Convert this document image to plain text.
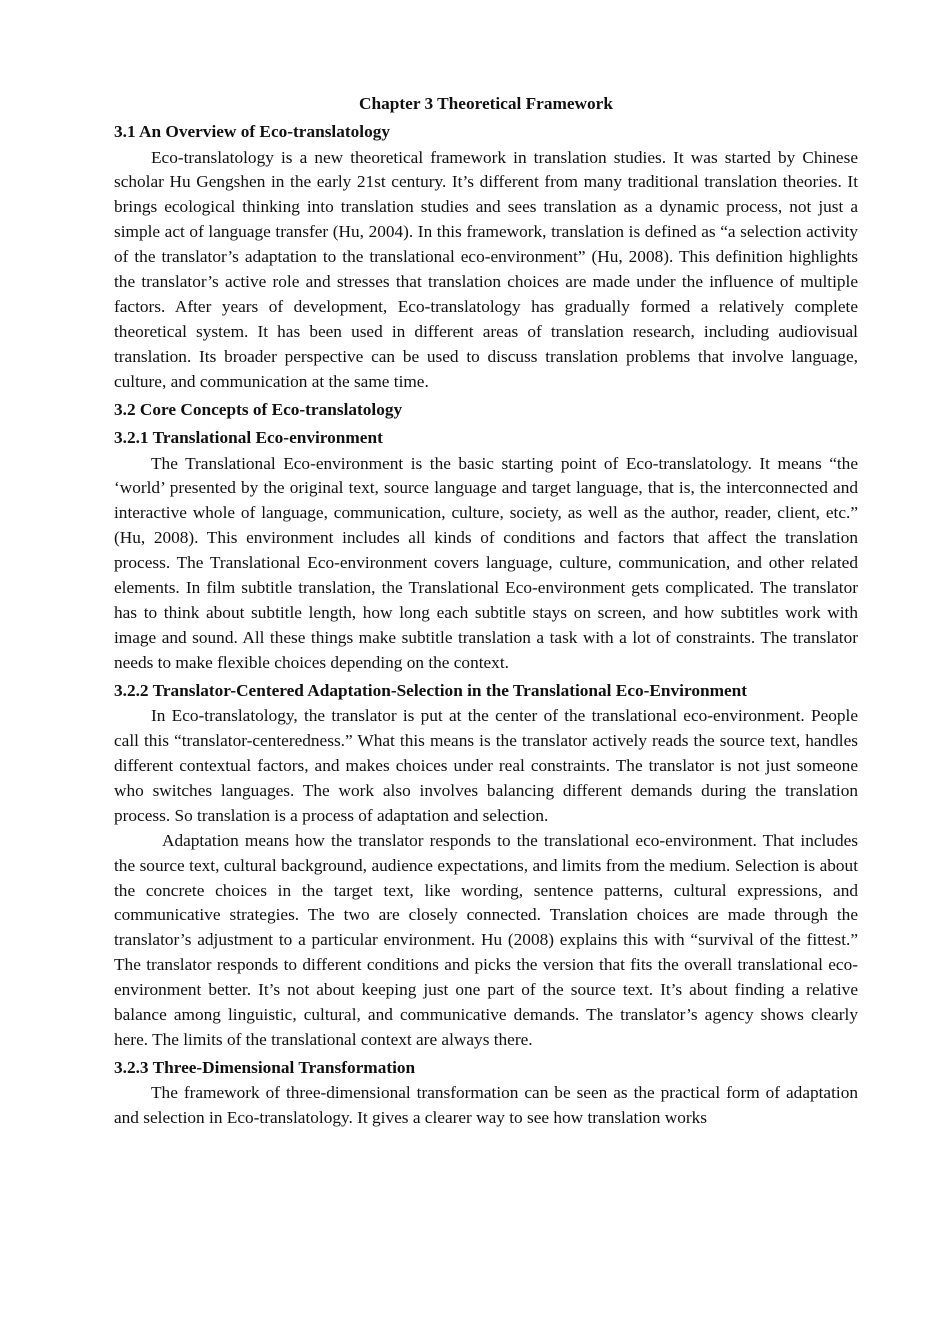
Chapter 3 Theoretical Framework
3.1 An Overview of Eco-translatology

Eco-translatology is a new theoretical framework in translation studies. It was started by Chinese scholar Hu Gengshen in the early 21st century. It’s different from many traditional translation theories. It brings ecological thinking into translation studies and sees translation as a dynamic process, not just a simple act of language transfer (Hu, 2004). In this framework, translation is defined as “a selection activity of the translator’s adaptation to the translational eco-environment” (Hu, 2008). This definition highlights the translator’s active role and stresses that translation choices are made under the influence of multiple factors. After years of development, Eco-translatology has gradually formed a relatively complete theoretical system. It has been used in different areas of translation research, including audiovisual translation. Its broader perspective can be used to discuss translation problems that involve language, culture, and communication at the same time.

3.2 Core Concepts of Eco-translatology
3.2.1 Translational Eco-environment

The Translational Eco-environment is the basic starting point of Eco-translatology. It means “the ‘world’ presented by the original text, source language and target language, that is, the interconnected and interactive whole of language, communication, culture, society, as well as the author, reader, client, etc.” (Hu, 2008). This environment includes all kinds of conditions and factors that affect the translation process. The Translational Eco-environment covers language, culture, communication, and other related elements. In film subtitle translation, the Translational Eco-environment gets complicated. The translator has to think about subtitle length, how long each subtitle stays on screen, and how subtitles work with image and sound. All these things make subtitle translation a task with a lot of constraints. The translator needs to make flexible choices depending on the context.

3.2.2 Translator-Centered Adaptation-Selection in the Translational Eco-Environment

In Eco-translatology, the translator is put at the center of the translational eco-environment. People call this “translator-centeredness.” What this means is the translator actively reads the source text, handles different contextual factors, and makes choices under real constraints. The translator is not just someone who switches languages. The work also involves balancing different demands during the translation process. So translation is a process of adaptation and selection.

Adaptation means how the translator responds to the translational eco-environment. That includes the source text, cultural background, audience expectations, and limits from the medium. Selection is about the concrete choices in the target text, like wording, sentence patterns, cultural expressions, and communicative strategies. The two are closely connected. Translation choices are made through the translator’s adjustment to a particular environment. Hu (2008) explains this with “survival of the fittest.” The translator responds to different conditions and picks the version that fits the overall translational eco-environment better. It’s not about keeping just one part of the source text. It’s about finding a relative balance among linguistic, cultural, and communicative demands. The translator’s agency shows clearly here. The limits of the translational context are always there.

3.2.3 Three-Dimensional Transformation

The framework of three-dimensional transformation can be seen as the practical form of adaptation and selection in Eco-translatology. It gives a clearer way to see how translation works
